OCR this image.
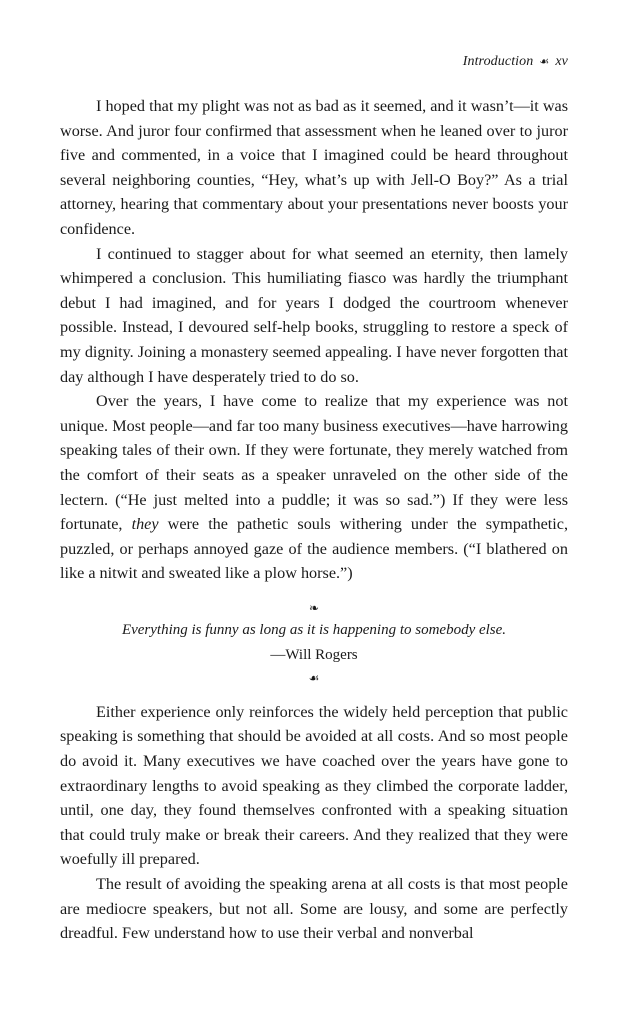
Introduction ☙ xv

I hoped that my plight was not as bad as it seemed, and it wasn’t—it was worse. And juror four confirmed that assessment when he leaned over to juror five and commented, in a voice that I imagined could be heard throughout several neighboring counties, “Hey, what’s up with Jell-O Boy?” As a trial attorney, hearing that commentary about your presentations never boosts your confidence.

I continued to stagger about for what seemed an eternity, then lamely whimpered a conclusion. This humiliating fiasco was hardly the triumphant debut I had imagined, and for years I dodged the courtroom whenever possible. Instead, I devoured self-help books, struggling to restore a speck of my dignity. Joining a monastery seemed appealing. I have never forgotten that day although I have desperately tried to do so.

Over the years, I have come to realize that my experience was not unique. Most people—and far too many business executives—have harrowing speaking tales of their own. If they were fortunate, they merely watched from the comfort of their seats as a speaker unraveled on the other side of the lectern. (“He just melted into a puddle; it was so sad.”) If they were less fortunate, they were the pathetic souls withering under the sympathetic, puzzled, or perhaps annoyed gaze of the audience members. (“I blathered on like a nitwit and sweated like a plow horse.”)

❧
Everything is funny as long as it is happening to somebody else.
—Will Rogers
☙

Either experience only reinforces the widely held perception that public speaking is something that should be avoided at all costs. And so most people do avoid it. Many executives we have coached over the years have gone to extraordinary lengths to avoid speaking as they climbed the corporate ladder, until, one day, they found themselves confronted with a speaking situation that could truly make or break their careers. And they realized that they were woefully ill prepared.

The result of avoiding the speaking arena at all costs is that most people are mediocre speakers, but not all. Some are lousy, and some are perfectly dreadful. Few understand how to use their verbal and nonverbal
